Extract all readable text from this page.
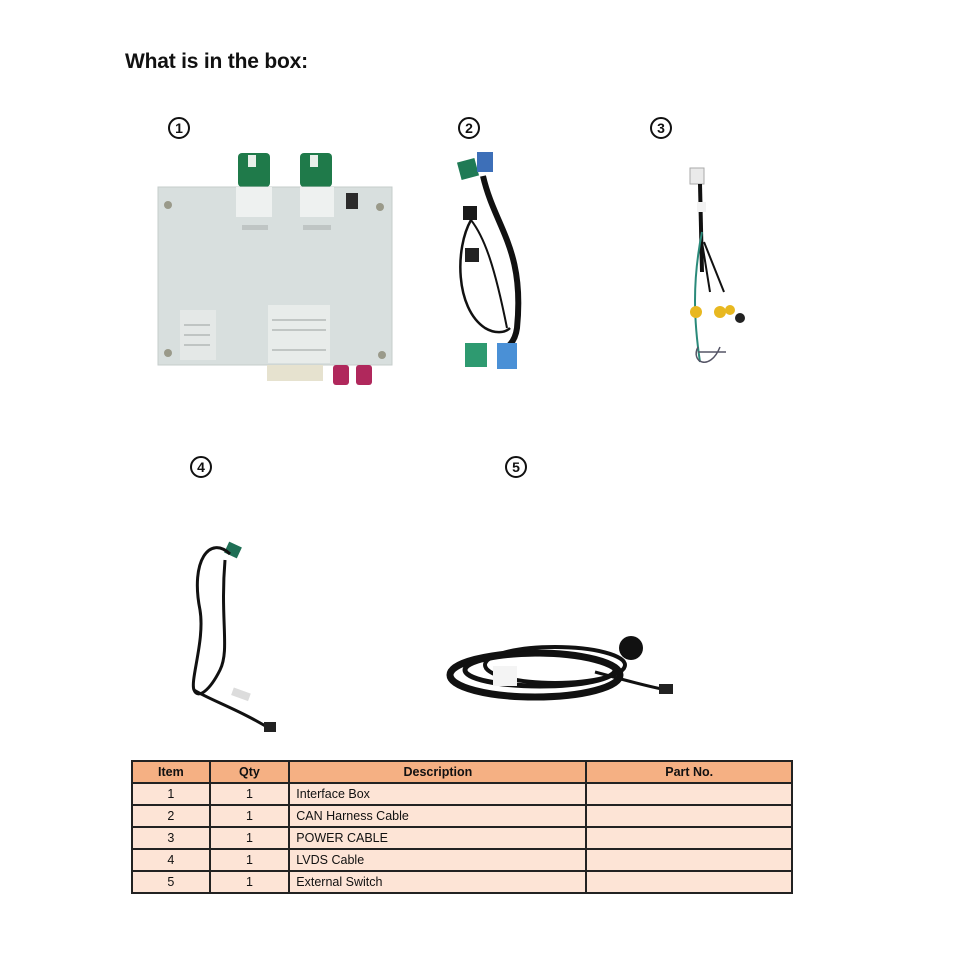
What is in the box:
1	2	3
4	5
Item	Qty	Description	Part No.
1	1	Interface Box	
2	1	CAN Harness Cable	
3	1	POWER CABLE	
4	1	LVDS Cable	
5	1	External Switch	
